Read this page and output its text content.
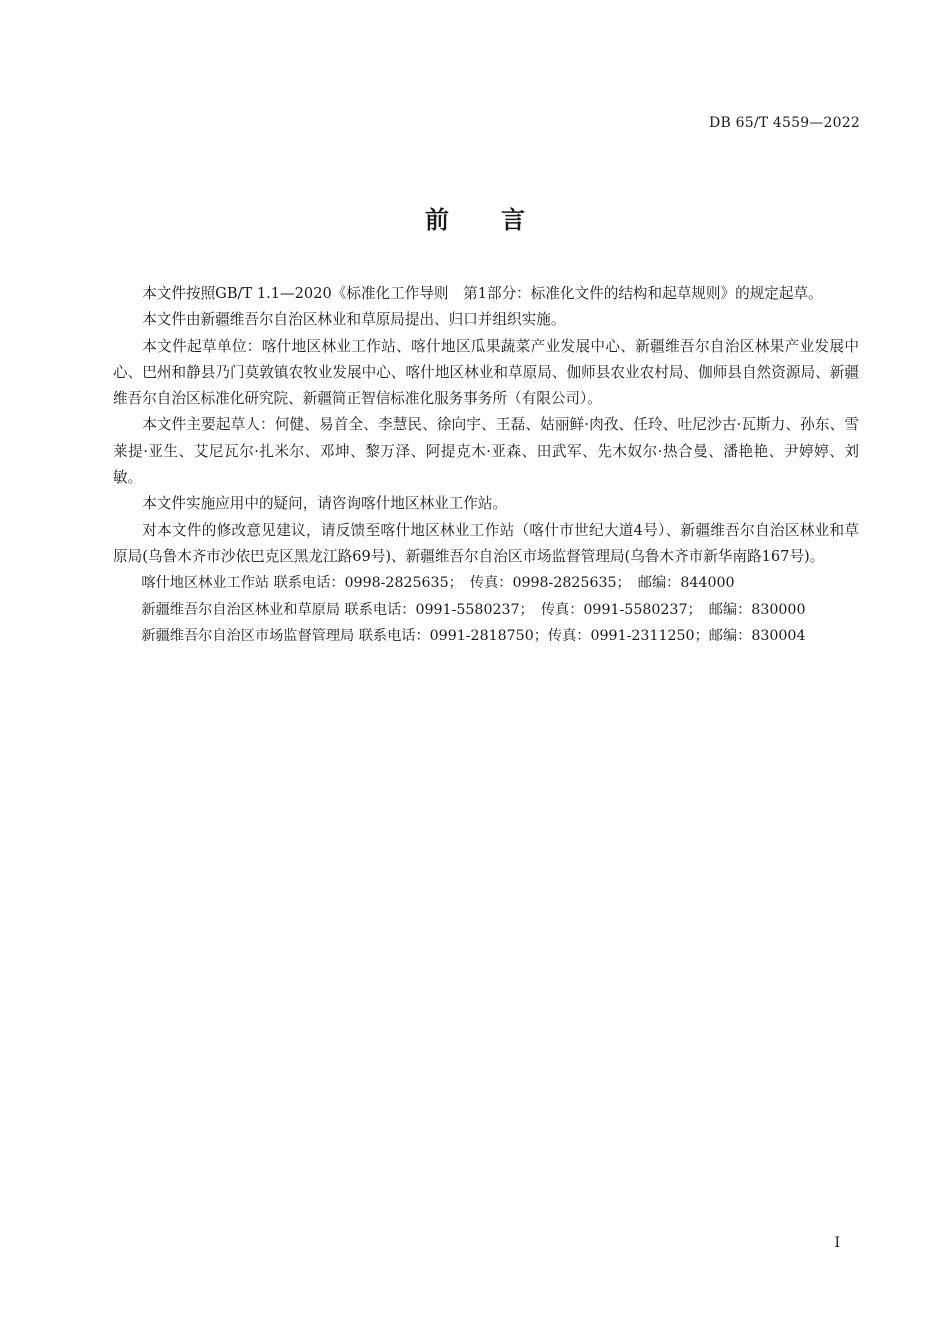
DB 65/T 4559—2022
前言

本文件按照GB/T 1.1—2020《标准化工作导则　第1部分：标准化文件的结构和起草规则》的规定起草。

本文件由新疆维吾尔自治区林业和草原局提出、归口并组织实施。

本文件起草单位：喀什地区林业工作站、喀什地区瓜果蔬菜产业发展中心、新疆维吾尔自治区林果产业发展中心、巴州和静县乃门莫敦镇农牧业发展中心、喀什地区林业和草原局、伽师县农业农村局、伽师县自然资源局、新疆维吾尔自治区标准化研究院、新疆简正智信标准化服务事务所（有限公司）。

本文件主要起草人：何健、易首全、李慧民、徐向宇、王磊、姑丽鲜·肉孜、任玲、吐尼沙古·瓦斯力、孙东、雪莱提·亚生、艾尼瓦尔·扎米尔、邓坤、黎万泽、阿提克木·亚森、田武军、先木奴尔·热合曼、潘艳艳、尹婷婷、刘敏。

本文件实施应用中的疑问，请咨询喀什地区林业工作站。

对本文件的修改意见建议，请反馈至喀什地区林业工作站（喀什市世纪大道4号）、新疆维吾尔自治区林业和草原局(乌鲁木齐市沙依巴克区黑龙江路69号)、新疆维吾尔自治区市场监督管理局(乌鲁木齐市新华南路167号)。

喀什地区林业工作站 联系电话：0998-2825635；　传真：0998-2825635；　邮编：844000

新疆维吾尔自治区林业和草原局 联系电话：0991-5580237；　传真：0991-5580237；　邮编：830000

新疆维吾尔自治区市场监督管理局 联系电话：0991-2818750；传真：0991-2311250；邮编：830004

I
